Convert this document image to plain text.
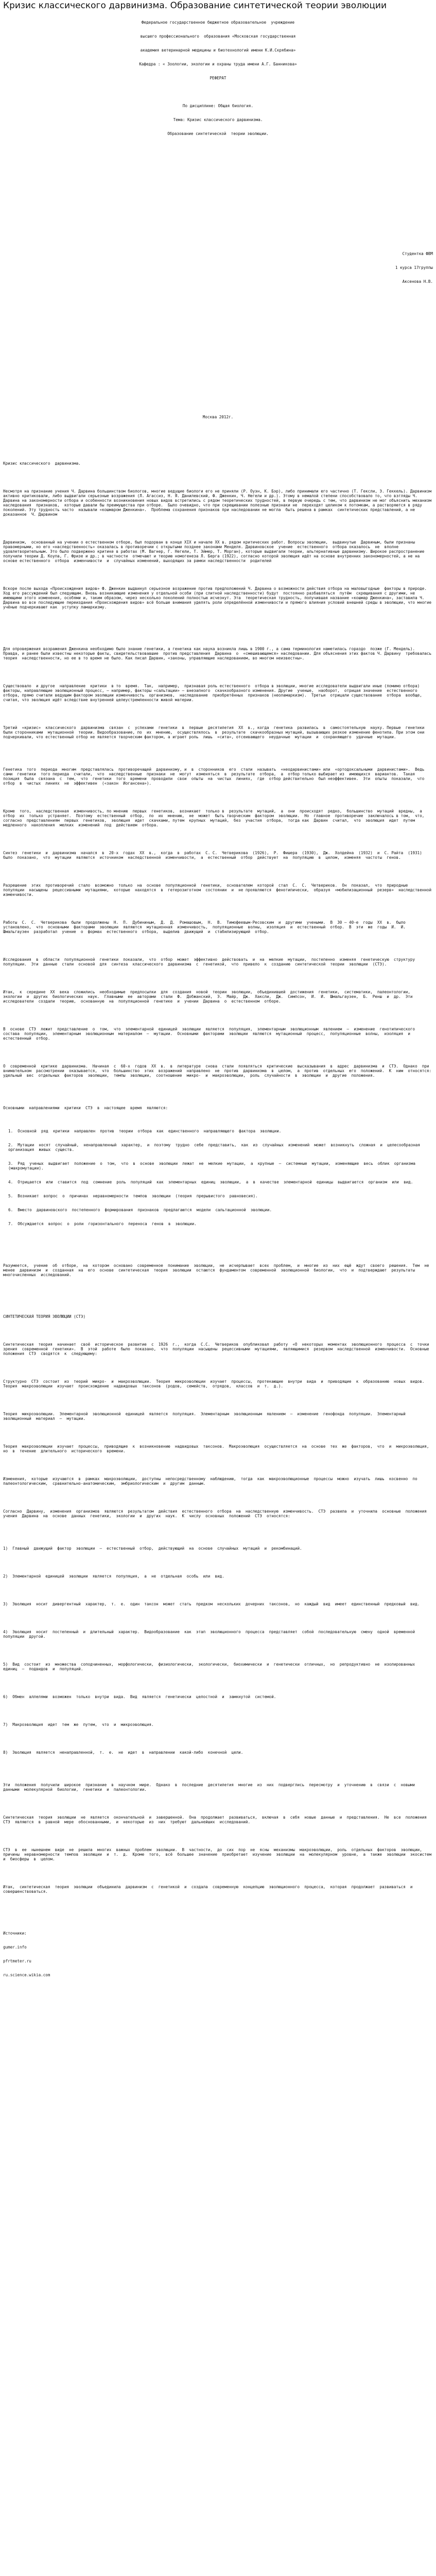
Кризис классического дарвинизма. Образование синтетической теории эволюции

Федеральное государственное бюджетное образовательное  учреждение

высшего профессионального  образования «Московская государственная

академия ветеринарной медицины и биотехнологий имени К.И.Скрябина»

Кафедра : « Зоологии, экологии и охраны труда имени А.Г. Банникова»

РЕФЕРАТ

По дисциплине: Общая биология.

Тема: Кризис классического дарвинизма.

Образование синтетической  теории эволюции.

Студентка ФВМ

1 курса 17группы

Аксенова Н.В.

Москва 2012г.

Кризис классического  дарвинизма.

Несмотря на признание учения Ч. Дарвина большинством биологов, многие ведущие биологи его не приняли (Р. Оуэн, К. Бэр), либо принимали его частично (Т. Гексли, Э. Геккель). Дарвинизм активно критиковали, либо выдвигали серьезные возражения (Л. Агассиз, Н. Я. Данилевский, Ф. Дженкин, Ч. Негели и др.). Этому в немалой степени способствовало то, что взгляды Ч. Дарвина на закономерности отбора и особенности возникновения новых видов встретились с рядом теоретических трудностей, в первую очередь с тем, что дарвинизм не мог объяснить механизм наследования  признаков,  которые давали бы преимущества при отборе.  Было очевидно, что при скрещивании полезные признаки не  переходят целиком к потомкам, а растворяются в ряду поколений. Эту трудность часто  называли «кошмаром Дженкина».  Проблема сохранения признаков при наследовании не могла  быть решена в рамках  синтетических представлений, а не доказанное  Ч. Дарвином

Дарвинизм,  основанный на учении о естественном отборе, был подорван в конце XIX и начале XX в. рядом критических работ. Вопросы эволюции,  выдвинутые  Дарвиным, были признаны правомерными, но его «наследственность» оказалась в противоречии с открытыми позднее законами Менделя. Дарвиновское  учение  естественного  отбора оказалось  не  вполне  удовлетворительным. Это было подвержено критике в работах (М. Вагнер, Г. Негели, Т. Эймер, Т. Морган), которые выдвигали теории, альтернативные дарвинизму. Широкое распространение получили теории Д. Коупа, Г. Фризе и др.; в частности  отмечают и теорию номогенеза Л. Берга (1922), согласно которой эволюция идёт на основе внутренних закономерностей, а не на основе естественного  отбора  изменчивости  и  случайных изменений, выходящих за рамки наследственности  родителей

Вскоре после выхода «Происхождения видов» Ф. Дженкин выдвинул серьезное возражение против предположений Ч. Дарвина о возможности действия отбора на маловыгодные  факторы в природе. Ход его рассуждений был следующим. Вновь возникающие изменения у отдельной особи (при слитной наследственности) будут  постоянно разбавляться  путём  скрещивания с другими, не имеющими этого изменения, особями и, таким образом, через несколько поколений полностью исчезнут. Эта  теоретическая трудность, получившая название «кошмар Дженкина», заставила Ч. Дарвина во все последующие переиздания «Происхождения видов» всё больше внимания уделять роли определённой изменчивости и прямого влияния условий внешней среды в эволюции, что многие учёные подчеркивают как  уступку ламаркизму.

Для опровержения возражения Дженкина необходимо было знание генетики, а генетика как наука возникла лишь в 1900 г., а сама терминология наметилась гораздо  позже (Г. Мендель). Правда, и ранее были известны некоторые факты, свидетельствовавшие  против представления  Дарвина  о  «смешивающемся» наследовании. Для объяснения этих фактов Ч. Дарвину  требовалась теория  наследственности, но ее в то время не было. Как писал Дарвин, «законы, управляющие наследованием, во многом неизвестны».

Существовало  и другое  направление  критики  в то  время.  Так,  например,  признавая роль естественного  отбора в эволюции, многие исследователи выдвигали иные (помимо отбора) факторы, направляющие эволюционный процесс, — например, факторы «сальтации» — внезапного  скачкообразного изменения. Другие  ученые,  наоборот,  отрицая значение  естественного  отбора, прямо считали ведущим фактором эволюции изменчивость  организмов,  наследование  приобретённых  признаков (неоламаркизм).  Третьи  отрицали существование  отбора  вообще,  считая, что эволюция идёт вследствие внутренней целеустремленности живой материи.

Третий  «кризис»  классического  дарвинизма  связан  с  успехами  генетики  в  первые  десятилетия  XX  в., когда  генетика  развилась  в  самостоятельную  науку. Первые  генетики  были сторонниками  мутационной  теории. Видообразование, по  их  мнению,  осуществлялось  в  результате  скачкообразных мутаций, вызывающих резкое изменение фенотипа. При этом они подчеркивали, что естественный отбор не является творческим фактором, а играет роль  лишь  «сита», отсеивающего  неудачные  мутации  и  сохраняющего  удачные  мутации.

Генетика  того  периода  многим  представлялась  противоречащей  дарвинизму, и  в  сторонников  его  стали  называть  «неодарвинистами» или  «ортодоксальными  дарвинистами».  Ведь  сами  генетики  того периода  считали,  что  наследственные  признаки  не  могут  изменяться  в  результате  отбора,  а  отбор только выбирает из  имеющихся  вариантов.  Такая  позиция  была  связана  с  тем,  что  генетики  того  времени  проводили  свои  опыты  на  чистых  линиях,  где  отбор действительно  был неэффективен.  Эти  опыты  показали,  что отбор  в  чистых  линиях  не  эффективен  («закон  Иогансена»).

Кроме  того,  наследственная  изменчивость, по мнению  первых  генетиков,  возникает  только в  результате  мутаций,  а  они  происходят  редко,  большинство  мутаций  вредны,  а  отбор  их  только  устраняет.  Поэтому  естественный  отбор,  по  их  мнению,  не  может  быть творческим  фактором  эволюции.  Но  главное  противоречие  заключалось в том,  что,  согласно  представлениям  первых  генетиков,  эволюция  идет  скачками, путем  крупных  мутаций,  без  участия  отбора,  тогда как  Дарвин  считал,  что  эволюция  идет  путем  медленного  накопления  мелких  изменений  под  действием  отбора.

Синтез  генетики  и  дарвинизма  начался  в  20-х  годах  XX  в.,  когда  в  работах  С. С.  Четверикова  (1926),  Р.  Фишера  (1930),  Дж.  Холдейна  (1932)  и  С. Райта  (1931)  было  показано,  что  мутации  являются  источником  наследственной  изменчивости,  а  естественный  отбор  действует  на  популяцию  в  целом,  изменяя  частоты  генов.

Разрешение  этих  противоречий  стало  возможно  только  на  основе  популяционной  генетики,  основателем  которой  стал  С.  С.  Четвериков.  Он  показал,  что  природные  популяции  насыщены  рецессивными  мутациями,  которые  находятся  в  гетерозиготном  состоянии  и  не проявляются  фенотипически,  образуя  «мобилизационный  резерв»  наследственной  изменчивости.

Работы  С.  С.  Четверикова  были  продолжены  Н.  П.  Дубининым,  Д.  Д.  Ромашовым,  Н.  В.  Тимофеевым-Ресовским  и  другими  учеными.  В  30 — 40-е  годы  XX  в.  было  установлено,  что  основными  факторами  эволюции  являются  мутационная  изменчивость,  популяционные  волны,  изоляция  и  естественный  отбор.  В  эти  же  годы  И.  И.  Шмальгаузен  разработал  учение  о  формах  естественного  отбора,  выделив  движущий  и  стабилизирующий  отбор.

Исследования  в  области  популяционной  генетики  показали,  что  отбор  может  эффективно  действовать  и  на  мелкие  мутации,  постепенно  изменяя  генетическую  структуру  популяции.  Эти  данные  стали  основой  для  синтеза  классического  дарвинизма  с  генетикой,  что  привело  к  созданию  синтетической  теории  эволюции  (СТЭ).

Итак,  к  середине  XX  века  сложились  необходимые  предпосылки  для  создания  новой  теории  эволюции,  объединившей  достижения  генетики,  систематики,  палеонтологии,  экологии  и  других  биологических  наук.  Главными  ее  авторами  стали  Ф.  Добжанский,  Э.  Майр,  Дж.  Хаксли,  Дж.  Симпсон,  И.  И.  Шмальгаузен,  Б.  Ренш  и  др.  Эти  исследователи  создали  теорию,  основанную  на  популяционной  генетике  и  учении  Дарвина  о  естественном  отборе.

В  основе  СТЭ  лежит  представление  о  том,  что  элементарной  единицей  эволюции  является  популяция,  элементарным  эволюционным  явлением  —  изменение  генотипического  состава  популяции,  элементарным  эволюционным  материалом  —  мутации.  Основными  факторами  эволюции  являются  мутационный  процесс,  популяционные  волны,  изоляция  и  естественный  отбор.

О  современной  критике  дарвинизма.  Начиная  с  60-х  годов  XX  в.  в  литературе  снова  стали  появляться  критические  высказывания  в  адрес  дарвинизма  и  СТЭ.  Однако  при  внимательном  рассмотрении  оказывается,  что  большинство  этих  возражений  направлено  не  против  дарвинизма  в  целом,  а  против  отдельных  его  положений.  К  ним  относятся:  удельный  вес  отдельных  факторов  эволюции,  темпы  эволюции,  соотношение  микро-  и  макроэволюции,  роль  случайности  в  эволюции  и  другие  положения.

Основными  направлениями  критики  СТЭ  в  настоящее  время  являются:

1.  Основной  ряд  критики  направлен  против  теории  отбора  как  единственного  направляющего  фактора  эволюции.

2.  Мутации  носят  случайный,  ненаправленный  характер,  и  поэтому  трудно  себе  представить,  как  из  случайных  изменений  может  возникнуть  сложная  и  целесообразная  организация  живых  существ.

3.  Ряд  ученых  выдвигает  положение  о  том,  что  в  основе  эволюции  лежат  не  мелкие  мутации,  а  крупные  —  системные  мутации,  изменяющие  весь  облик  организма  (макромутации).

4.  Отрицается  или  ставится  под  сомнение  роль  популяций  как  элементарных  единиц  эволюции,  а  в  качестве  элементарной  единицы  выдвигается  организм  или  вид.

5.  Возникает  вопрос  о  причинах  неравномерности  темпов  эволюции  (теория  прерывистого  равновесия).

6.  Вместо  дарвиновского  постепенного  формирования  признаков  предлагаются  модели  сальтационной  эволюции.

7.  Обсуждается  вопрос  о  роли  горизонтального  переноса  генов  в  эволюции.

Разумеется,  учение  об  отборе,  на  котором  основано  современное  понимание  эволюции,  не  исчерпывает  всех  проблем,  и  многие  из  них  ещё  ждут  своего  решения.  Тем  не  менее  дарвинизм  и  созданная  на  его  основе  синтетическая  теория  эволюции  остаются  фундаментом  современной  эволюционной  биологии,  что  и  подтверждают  результаты  многочисленных  исследований.

СИНТЕТИЧЕСКАЯ ТЕОРИЯ ЭВОЛЮЦИИ (СТЭ)

Синтетическая  теория  начинает  своё  историческое  развитие  с  1926  г.,  когда  С.С.  Четвериков  опубликовал  работу  «О  некоторых  моментах  эволюционного  процесса  с  точки  зрения  современной  генетики».  В  этой  работе  было  показано,  что  популяции  насыщены  рецессивными  мутациями,  являющимися  резервом  наследственной  изменчивости.  Основные  положения  СТЭ  сводятся  к  следующему:

Структурно  СТЭ  состоит  из  теорий  микро-  и  макроэволюции.  Теория  микроэволюции  изучает  процессы,  протекающие  внутри  вида  и  приводящие  к  образованию  новых  видов.  Теория  макроэволюции  изучает  происхождение  надвидовых  таксонов  (родов,  семейств,  отрядов,  классов  и  т.  д.).

Теория  микроэволюции.  Элементарной  эволюционной  единицей  является  популяция.  Элементарным  эволюционным  явлением  —  изменение  генофонда  популяции.  Элементарный  эволюционный  материал  —  мутации.

Теория  макроэволюции  изучает  процессы,  приводящие  к  возникновению  надвидовых  таксонов.  Макроэволюция  осуществляется  на  основе  тех  же  факторов,  что  и  микроэволюция,  но  в  течение  длительного  исторического  времени.

Изменения,  которые  изучаются  в  рамках  макроэволюции,  доступны  непосредственному  наблюдению,  тогда  как  макроэволюционные  процессы  можно  изучать  лишь  косвенно  по  палеонтологическим,  сравнительно-анатомическим,  эмбриологическим  и  другим  данным.

Согласно  Дарвину,  изменения  организмов  являются  результатом  действия  естественного  отбора  на  наследственную  изменчивость.  СТЭ  развила  и  уточнила  основные  положения  учения  Дарвина  на  основе  данных  генетики,  экологии  и  других  наук.  К  числу  основных  положений  СТЭ  относятся:

1)  Главный  движущий  фактор  эволюции  —  естественный  отбор,  действующий  на  основе  случайных  мутаций  и  рекомбинаций.

2)  Элементарной  единицей  эволюции  является  популяция,  а  не  отдельная  особь  или  вид.

3)  Эволюция  носит  дивергентный  характер,  т.  е.  один  таксон  может  стать  предком  нескольких  дочерних  таксонов,  но  каждый  вид  имеет  единственный  предковый  вид.

4)  Эволюция  носит  постепенный  и  длительный  характер.  Видообразование  как  этап  эволюционного  процесса  представляет  собой  последовательную  смену  одной  временной  популяции  другой.

5)  Вид  состоит  из  множества  соподчиненных,  морфологически,  физиологически,  экологически,  биохимически  и  генетически  отличных,  но  репродуктивно  не  изолированных  единиц  —  подвидов  и  популяций.

6)  Обмен  аллелями  возможен  только  внутри  вида.  Вид  является  генетически  целостной  и  замкнутой  системой.

7)  Макроэволюция  идет  тем  же  путем,  что  и  микроэволюция.

8)  Эволюция  является  ненаправленной,  т.  е.  не  идет  в  направлении  какой-либо  конечной  цели.

Эти  положения  получили  широкое  признание  в  научном  мире.  Однако  в  последние  десятилетия  многие  из  них  подверглись  пересмотру  и  уточнению  в  связи  с  новыми  данными  молекулярной  биологии,  генетики  и  палеонтологии.

Синтетическая  теория  эволюции  не  является  окончательной  и  завершенной.  Она  продолжает  развиваться,  включая  в  себя  новые  данные  и  представления.  Не  все  положения  СТЭ  являются  в  равной  мере  обоснованными,  и  некоторые  из  них  требуют  дальнейших  исследований.

СТЭ  в  ее  нынешнем  виде  не  решила  многих  важных  проблем  эволюции.  В  частности,  до  сих  пор  не  ясны  механизмы  макроэволюции,  роль  отдельных  факторов  эволюции,  причины  неравномерности  темпов  эволюции  и  т.  д.  Кроме  того,  всё  большее  значение  приобретает  изучение  эволюции  на  молекулярном  уровне,  а  также  эволюции  экосистем  и  биосферы  в  целом.

Итак,  синтетическая  теория  эволюции  объединила  дарвинизм  с  генетикой  и  создала  современную  концепцию  эволюционного  процесса,  которая  продолжает  развиваться  и  совершенствоваться.

Источники:

gumer.info

pfrtmeter.ru

ru.science.wikia.com
